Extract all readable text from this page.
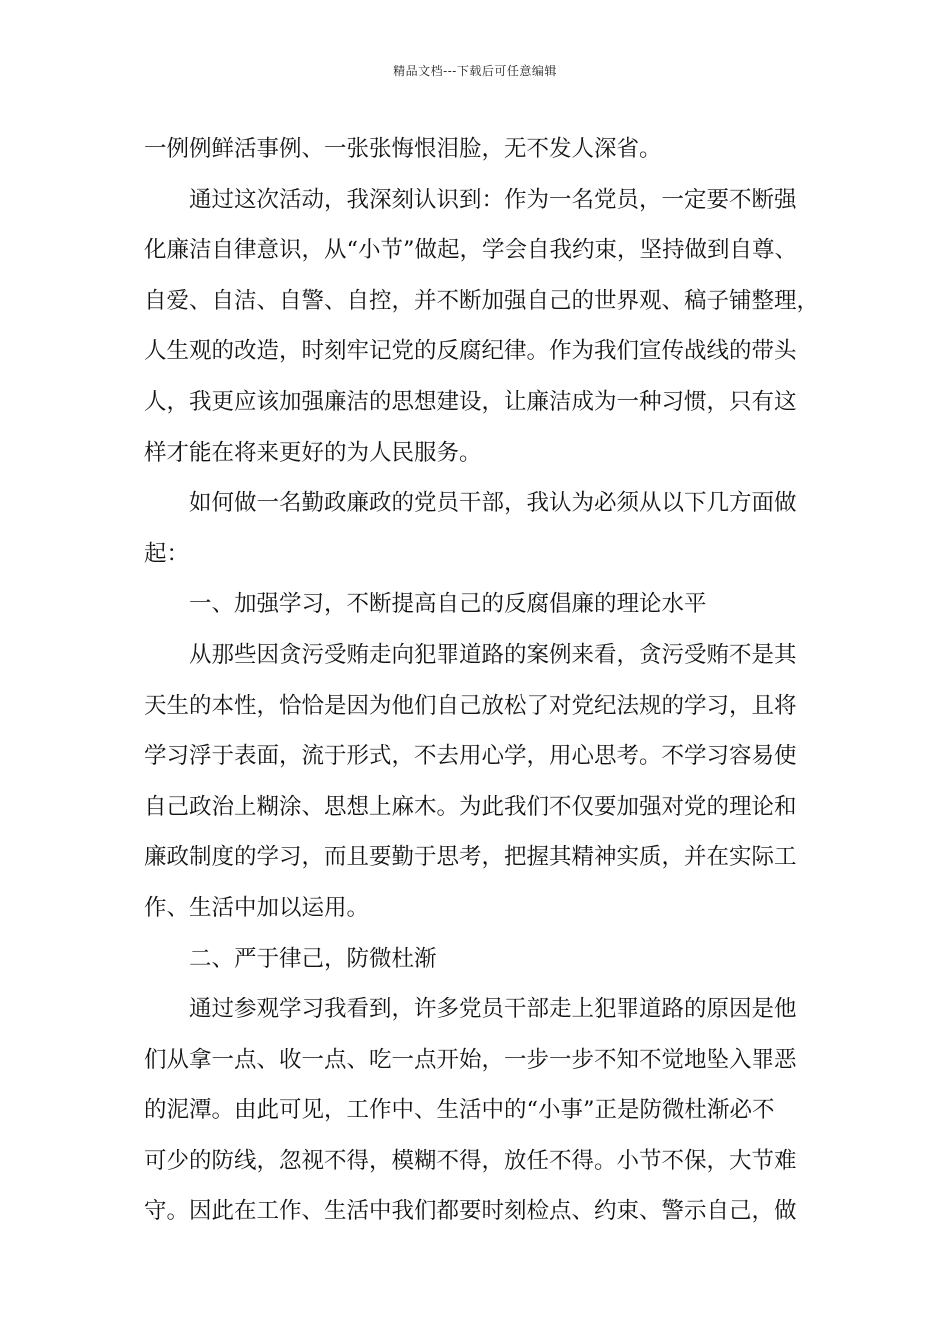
精品文档---下载后可任意编辑
一例例鲜活事例、一张张悔恨泪脸，无不发人深省。
通过这次活动，我深刻认识到：作为一名党员，一定要不断强
化廉洁自律意识，从“小节”做起，学会自我约束，坚持做到自尊、
自爱、自洁、自警、自控，并不断加强自己的世界观、稿子铺整理，
人生观的改造，时刻牢记党的反腐纪律。作为我们宣传战线的带头
人，我更应该加强廉洁的思想建设，让廉洁成为一种习惯，只有这
样才能在将来更好的为人民服务。
如何做一名勤政廉政的党员干部，我认为必须从以下几方面做
起：
一、加强学习，不断提高自己的反腐倡廉的理论水平
从那些因贪污受贿走向犯罪道路的案例来看，贪污受贿不是其
天生的本性，恰恰是因为他们自己放松了对党纪法规的学习，且将
学习浮于表面，流于形式，不去用心学，用心思考。不学习容易使
自己政治上糊涂、思想上麻木。为此我们不仅要加强对党的理论和
廉政制度的学习，而且要勤于思考，把握其精神实质，并在实际工
作、生活中加以运用。
二、严于律己，防微杜渐
通过参观学习我看到，许多党员干部走上犯罪道路的原因是他
们从拿一点、收一点、吃一点开始，一步一步不知不觉地坠入罪恶
的泥潭。由此可见，工作中、生活中的“小事”正是防微杜渐必不
可少的防线，忽视不得，模糊不得，放任不得。小节不保，大节难
守。因此在工作、生活中我们都要时刻检点、约束、警示自己，做
